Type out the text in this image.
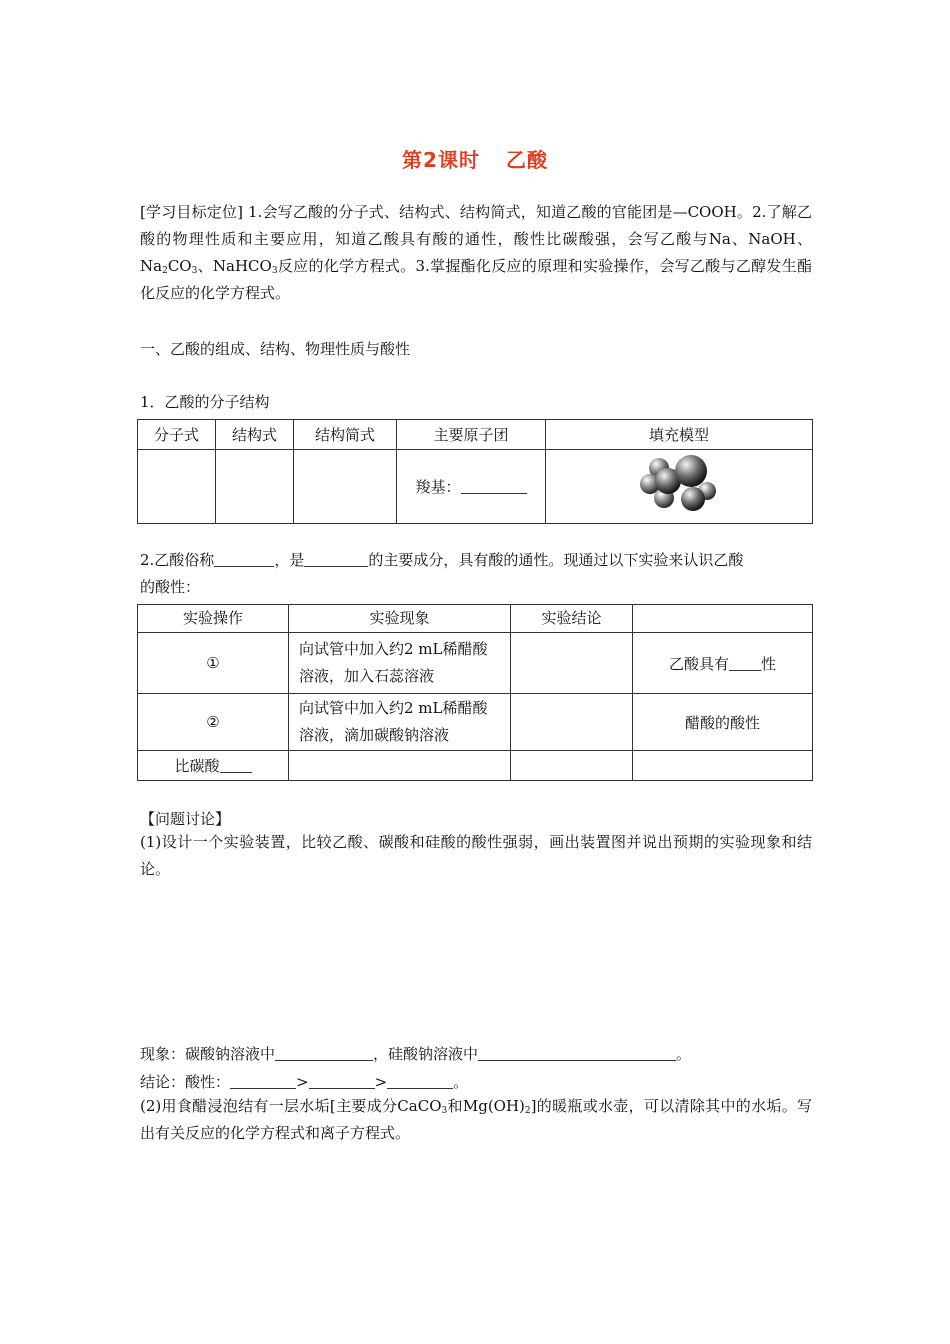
第2课时 乙酸
[学习目标定位] 1.会写乙酸的分子式、结构式、结构简式，知道乙酸的官能团是—COOH。2.了解乙酸的物理性质和主要应用，知道乙酸具有酸的通性，酸性比碳酸强，会写乙酸与Na、NaOH、$Na_2CO_3$、NaHCO$_3$反应的化学方程式。3.掌握酯化反应的原理和实验操作，会写乙酸与乙醇发生酯化反应的化学方程式。
一、乙酸的组成、结构、物理性质与酸性
1．乙酸的分子结构
分子式	结构式	结构简式	主要原子团	填充模型
			羧基：	
2.乙酸俗称	，是	的主要成分，具有酸的通性。现通过以下实验来认识乙酸
的酸性：
实验操作	实验现象	实验结论	
①	向试管中加入约2 mL稀醋酸溶液，加入石蕊溶液		乙酸具有 性
②	向试管中加入约2 mL稀醋酸溶液，滴加碳酸钠溶液		醋酸的酸性
比碳酸			
【问题讨论】
(1)设计一个实验装置，比较乙酸、碳酸和硅酸的酸性强弱，画出装置图并说出预期的实验现象和结论。
现象：碳酸钠溶液中	，硅酸钠溶液中	。
结论：酸性：	>	>	。
(2)用食醋浸泡结有一层水垢[主要成分CaCO$_3$和$Mg(OH)_2$]的暖瓶或水壶，可以清除其中的水垢。写出有关反应的化学方程式和离子方程式。
